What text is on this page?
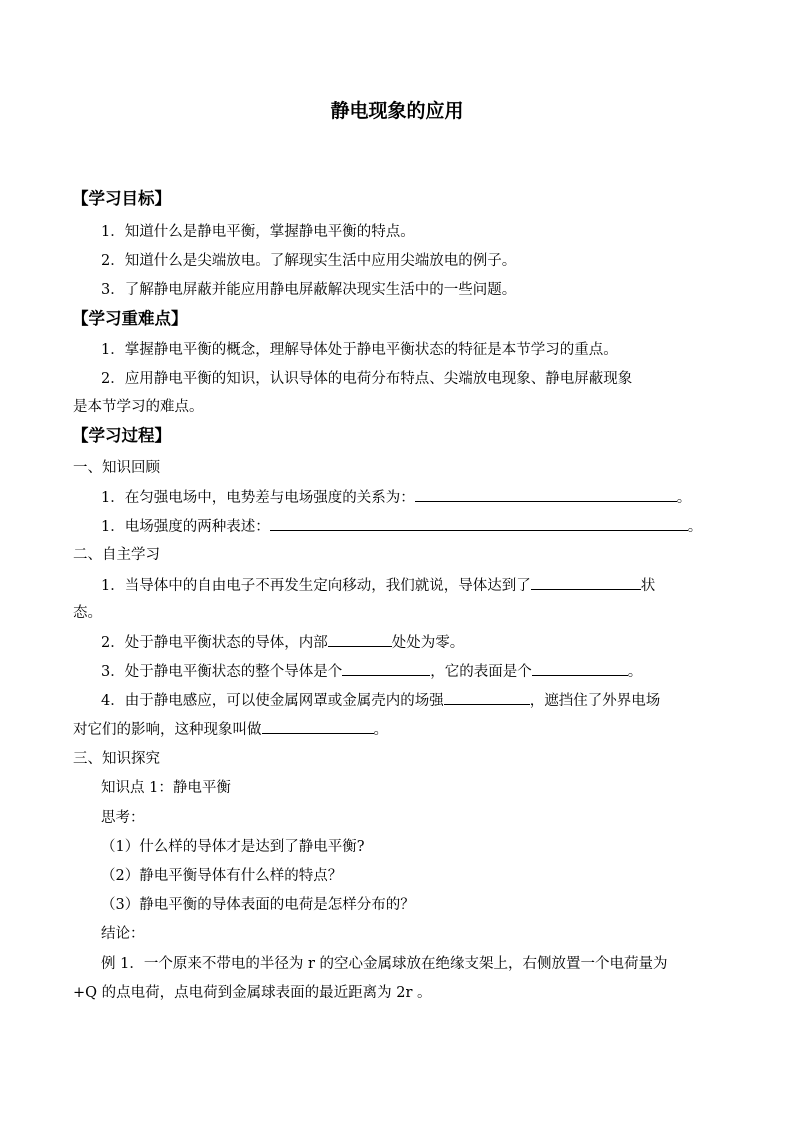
静电现象的应用
【学习目标】
1．知道什么是静电平衡，掌握静电平衡的特点。
2．知道什么是尖端放电。了解现实生活中应用尖端放电的例子。
3．了解静电屏蔽并能应用静电屏蔽解决现实生活中的一些问题。
【学习重难点】
1．掌握静电平衡的概念，理解导体处于静电平衡状态的特征是本节学习的重点。
2．应用静电平衡的知识，认识导体的电荷分布特点、尖端放电现象、静电屏蔽现象
是本节学习的难点。
【学习过程】
一、知识回顾
1．在匀强电场中，电势差与电场强度的关系为：	。
1．电场强度的两种表述：	。
二、自主学习
1．当导体中的自由电子不再发生定向移动，我们就说，导体达到了	状
态。
2．处于静电平衡状态的导体，内部	处处为零。
3．处于静电平衡状态的整个导体是个	，它的表面是个	。
4．由于静电感应，可以使金属网罩或金属壳内的场强	，遮挡住了外界电场
对它们的影响，这种现象叫做	。
三、知识探究
知识点 1：静电平衡
思考：
（1）什么样的导体才是达到了静电平衡?
（2）静电平衡导体有什么样的特点？
（3）静电平衡的导体表面的电荷是怎样分布的？
结论：
例 1．一个原来不带电的半径为 r 的空心金属球放在绝缘支架上，右侧放置一个电荷量为
+Q 的点电荷，点电荷到金属球表面的最近距离为 2r 。
